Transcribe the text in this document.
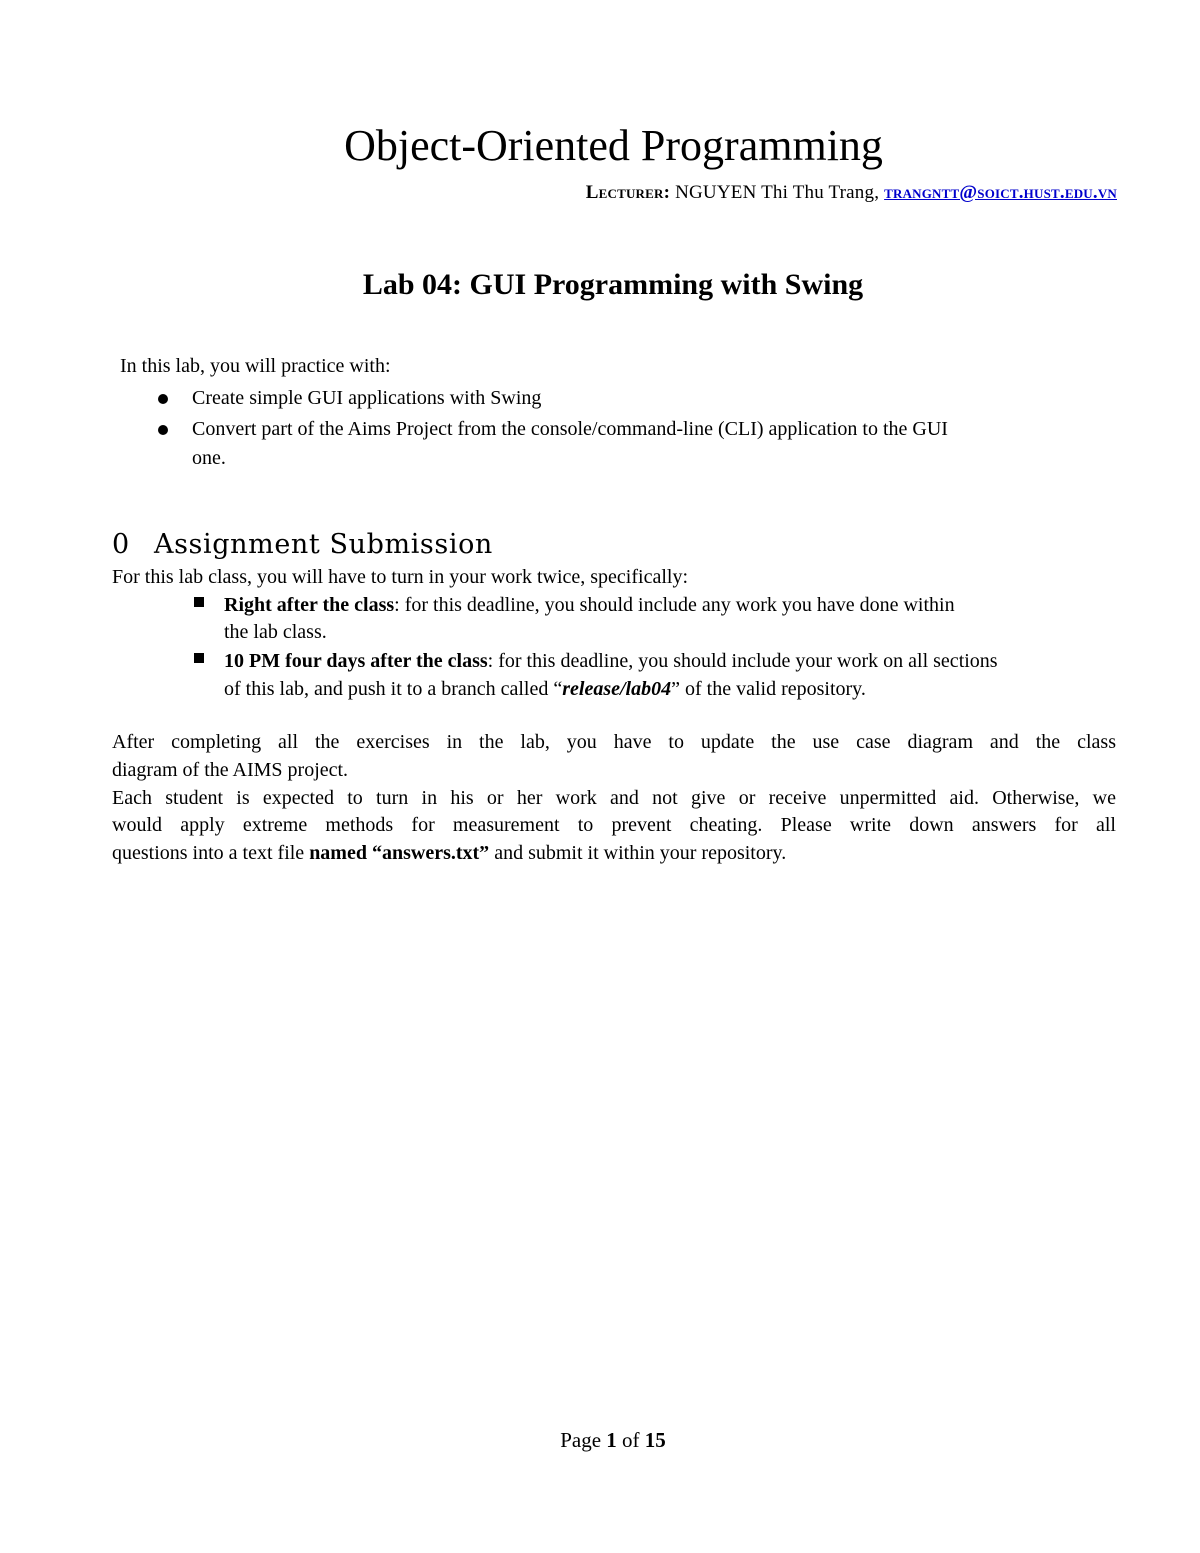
Object-Oriented Programming
Lecturer: NGUYEN Thi Thu Trang, trangntt@soict.hust.edu.vn
Lab 04: GUI Programming with Swing
In this lab, you will practice with:
Create simple GUI applications with Swing
Convert part of the Aims Project from the console/command-line (CLI) application to the GUI
one.
0 Assignment Submission
For this lab class, you will have to turn in your work twice, specifically:
Right after the class: for this deadline, you should include any work you have done within
the lab class.
10 PM four days after the class: for this deadline, you should include your work on all sections
of this lab, and push it to a branch called “release/lab04” of the valid repository.
After completing all the exercises in the lab, you have to update the use case diagram and the class
diagram of the AIMS project.
Each student is expected to turn in his or her work and not give or receive unpermitted aid. Otherwise, we
would apply extreme methods for measurement to prevent cheating. Please write down answers for all
questions into a text file named “answers.txt” and submit it within your repository.
Page 1 of 15
